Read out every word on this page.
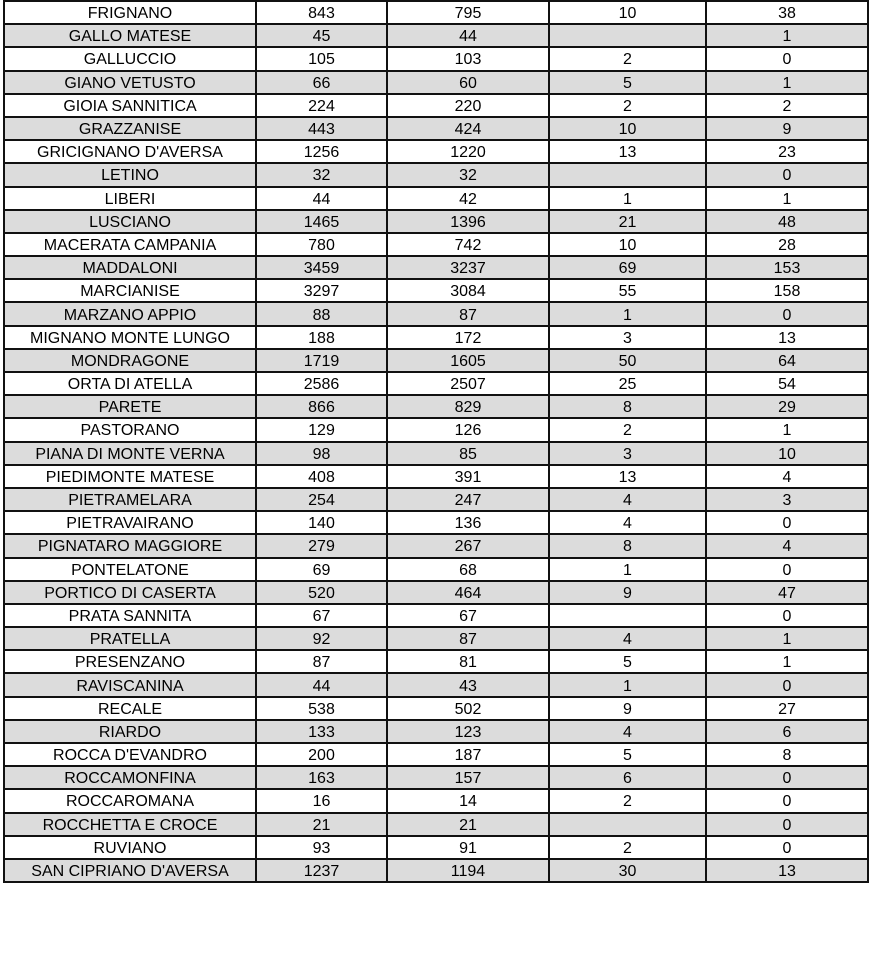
FRIGNANO	843	795	10	38
GALLO MATESE	45	44		1
GALLUCCIO	105	103	2	0
GIANO VETUSTO	66	60	5	1
GIOIA SANNITICA	224	220	2	2
GRAZZANISE	443	424	10	9
GRICIGNANO D'AVERSA	1256	1220	13	23
LETINO	32	32		0
LIBERI	44	42	1	1
LUSCIANO	1465	1396	21	48
MACERATA CAMPANIA	780	742	10	28
MADDALONI	3459	3237	69	153
MARCIANISE	3297	3084	55	158
MARZANO APPIO	88	87	1	0
MIGNANO MONTE LUNGO	188	172	3	13
MONDRAGONE	1719	1605	50	64
ORTA DI ATELLA	2586	2507	25	54
PARETE	866	829	8	29
PASTORANO	129	126	2	1
PIANA DI MONTE VERNA	98	85	3	10
PIEDIMONTE MATESE	408	391	13	4
PIETRAMELARA	254	247	4	3
PIETRAVAIRANO	140	136	4	0
PIGNATARO MAGGIORE	279	267	8	4
PONTELATONE	69	68	1	0
PORTICO DI CASERTA	520	464	9	47
PRATA SANNITA	67	67		0
PRATELLA	92	87	4	1
PRESENZANO	87	81	5	1
RAVISCANINA	44	43	1	0
RECALE	538	502	9	27
RIARDO	133	123	4	6
ROCCA D'EVANDRO	200	187	5	8
ROCCAMONFINA	163	157	6	0
ROCCAROMANA	16	14	2	0
ROCCHETTA E CROCE	21	21		0
RUVIANO	93	91	2	0
SAN CIPRIANO D'AVERSA	1237	1194	30	13
